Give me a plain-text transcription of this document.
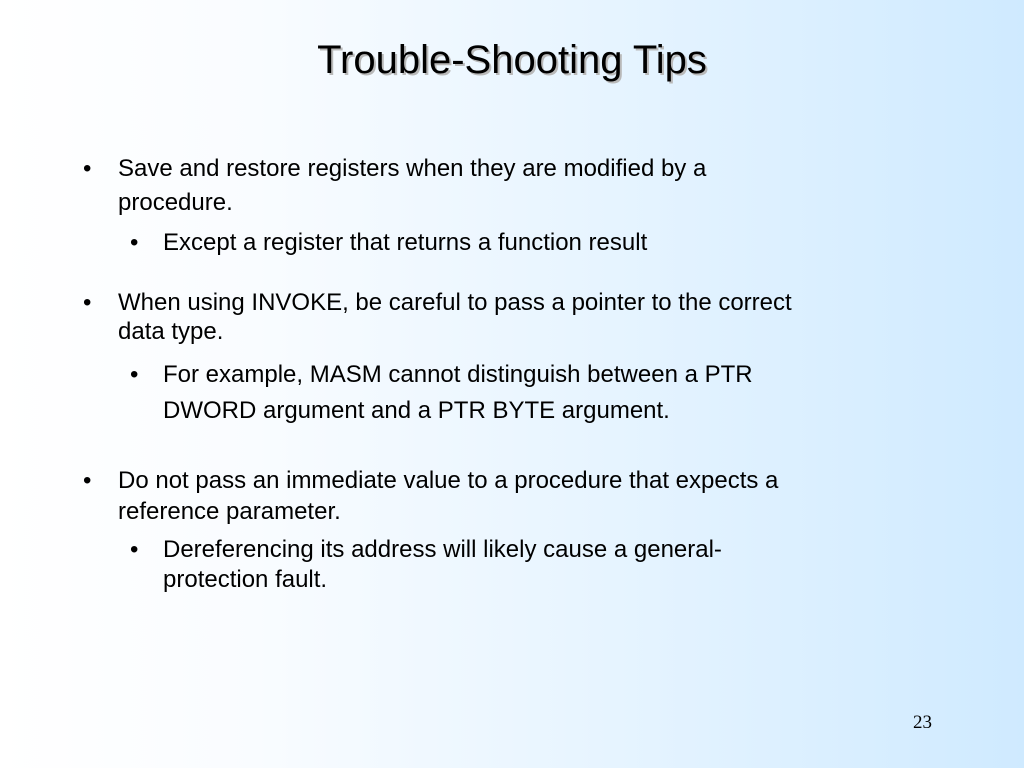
Trouble-Shooting Tips
• Save and restore registers when they are modified by a
procedure.
• Except a register that returns a function result
• When using INVOKE, be careful to pass a pointer to the correct
data type.
• For example, MASM cannot distinguish between a PTR
DWORD argument and a PTR BYTE argument.
• Do not pass an immediate value to a procedure that expects a
reference parameter.
• Dereferencing its address will likely cause a general-
protection fault.
23
